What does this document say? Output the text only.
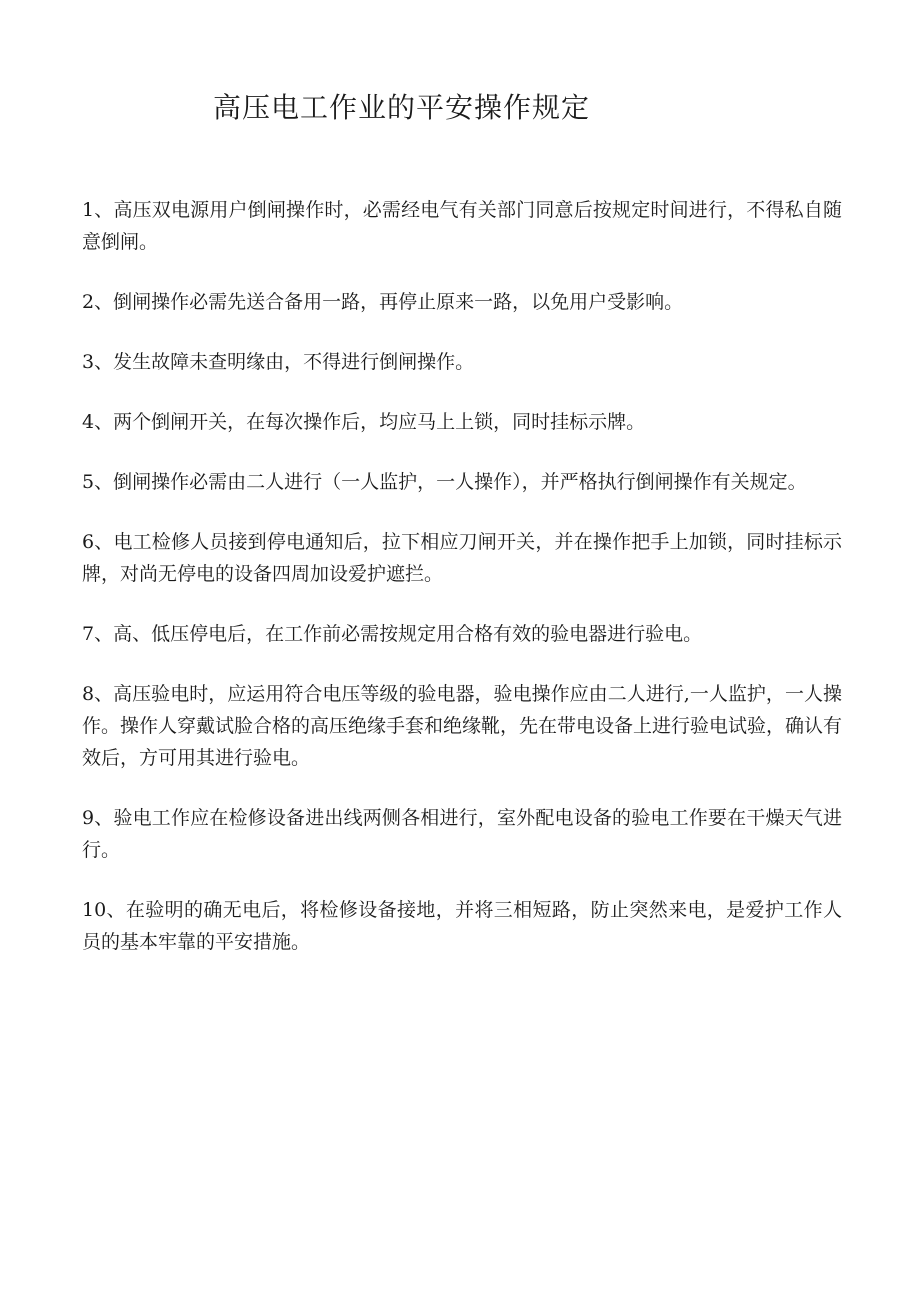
高压电工作业的平安操作规定
1、高压双电源用户倒闸操作时，必需经电气有关部门同意后按规定时间进行，不得私自随意倒闸。
2、倒闸操作必需先送合备用一路，再停止原来一路，以免用户受影响。
3、发生故障未查明缘由，不得进行倒闸操作。
4、两个倒闸开关，在每次操作后，均应马上上锁，同时挂标示牌。
5、倒闸操作必需由二人进行（一人监护，一人操作），并严格执行倒闸操作有关规定。
6、电工检修人员接到停电通知后，拉下相应刀闸开关，并在操作把手上加锁，同时挂标示牌，对尚无停电的设备四周加设爱护遮拦。
7、高、低压停电后，在工作前必需按规定用合格有效的验电器进行验电。
8、高压验电时，应运用符合电压等级的验电器，验电操作应由二人进行,一人监护，一人操作。操作人穿戴试脸合格的高压绝缘手套和绝缘靴，先在带电设备上进行验电试验，确认有效后，方可用其进行验电。
9、验电工作应在检修设备进出线两侧各相进行，室外配电设备的验电工作要在干燥天气进行。
10、在验明的确无电后，将检修设备接地，并将三相短路，防止突然来电，是爱护工作人员的基本牢靠的平安措施。
